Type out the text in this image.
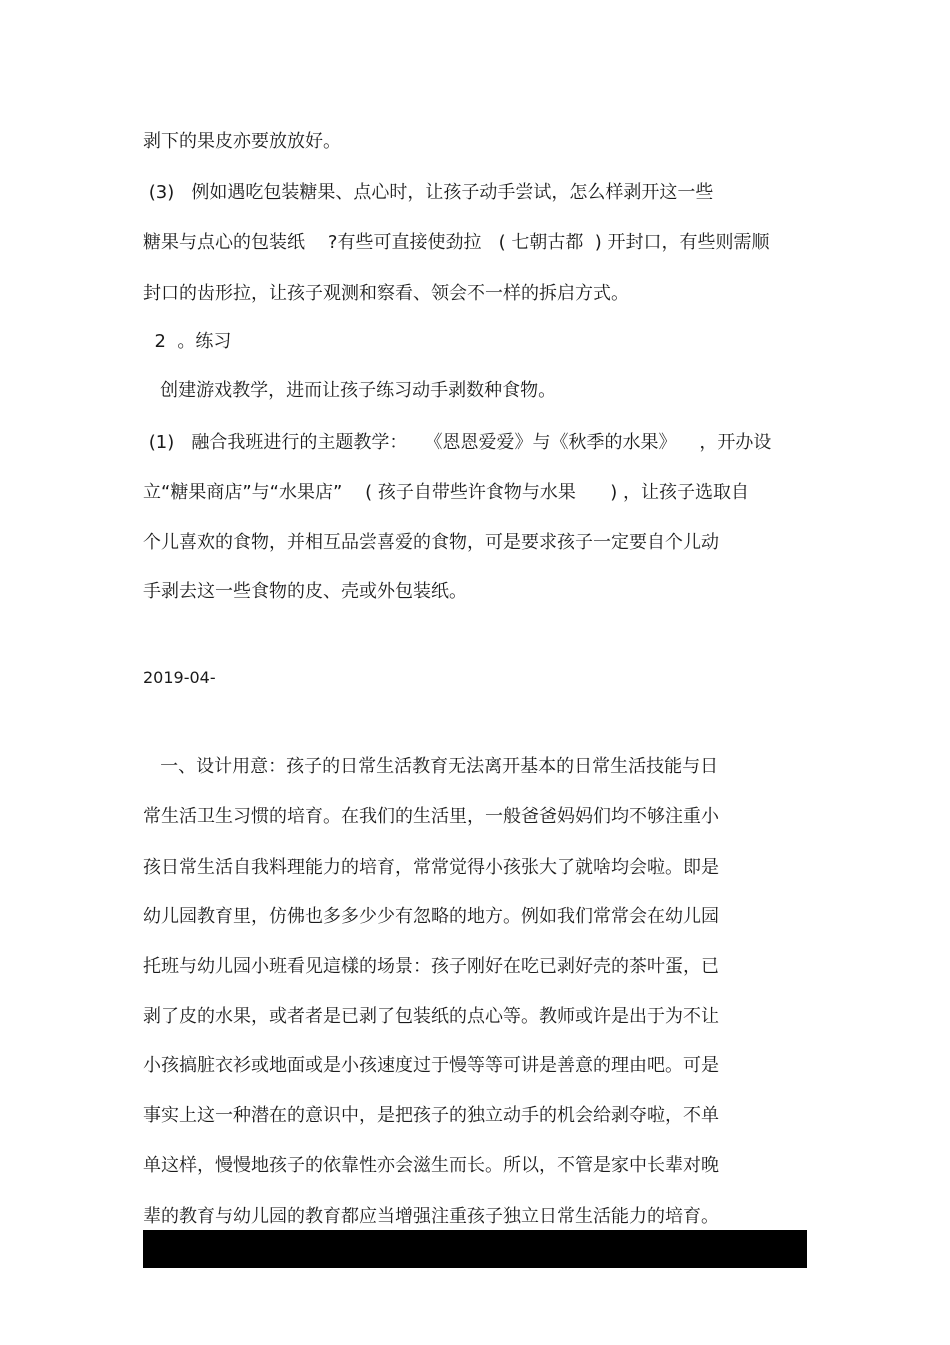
剥下的果皮亦要放放好。
(3)   例如遇吃包装糖果、点心时，让孩子动手尝试，怎么样剥开这一些
糖果与点心的包装纸    ?有些可直接使劲拉   ( 七朝古都  ) 开封口，有些则需顺
封口的齿形拉，让孩子观测和察看、领会不一样的拆启方式。
2  。练习
创建游戏教学，进而让孩子练习动手剥数种食物。
(1)   融合我班进行的主题教学：   《恩恩爱爱》与《秋季的水果》    ，开办设
立“糖果商店”与“水果店”    ( 孩子自带些许食物与水果      ) ，让孩子选取自
个儿喜欢的食物，并相互品尝喜爱的食物，可是要求孩子一定要自个儿动
手剥去这一些食物的皮、壳或外包装纸。
2019-04-
一、设计用意：孩子的日常生活教育无法离开基本的日常生活技能与日
常生活卫生习惯的培育。在我们的生活里，一般爸爸妈妈们均不够注重小
孩日常生活自我料理能力的培育，常常觉得小孩张大了就啥均会啦。即是
幼儿园教育里，仿佛也多多少少有忽略的地方。例如我们常常会在幼儿园
托班与幼儿园小班看见這樣的场景：孩子刚好在吃已剥好壳的茶叶蛋，已
剥了皮的水果，或者者是已剥了包装纸的点心等。教师或许是出于为不让
小孩搞脏衣衫或地面或是小孩速度过于慢等等可讲是善意的理由吧。可是
事实上这一种潜在的意识中，是把孩子的独立动手的机会给剥夺啦，不单
单这样，慢慢地孩子的依靠性亦会滋生而长。所以，不管是家中长辈对晚
辈的教育与幼儿园的教育都应当增强注重孩子独立日常生活能力的培育。
